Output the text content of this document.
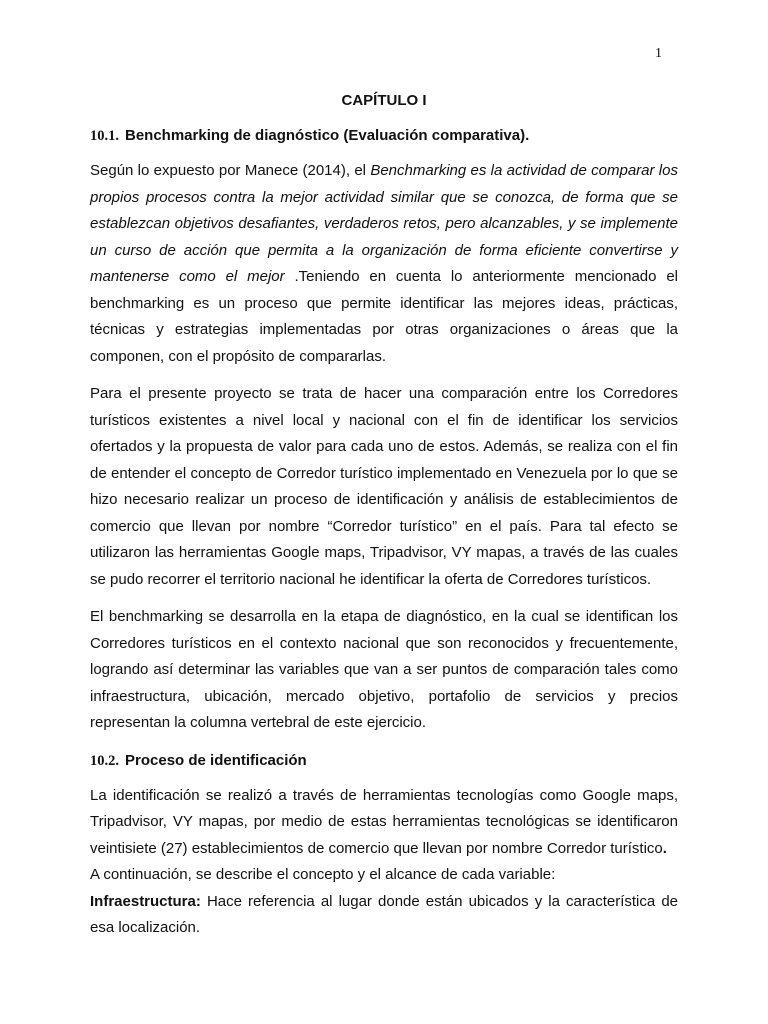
1
CAPÍTULO I
10.1. Benchmarking de diagnóstico (Evaluación comparativa).

Según lo expuesto por Manece (2014), el Benchmarking es la actividad de comparar los propios procesos contra la mejor actividad similar que se conozca, de forma que se establezcan objetivos desafiantes, verdaderos retos, pero alcanzables, y se implemente un curso de acción que permita a la organización de forma eficiente convertirse y mantenerse como el mejor .Teniendo en cuenta lo anteriormente mencionado el benchmarking es un proceso que permite identificar las mejores ideas, prácticas, técnicas y estrategias implementadas por otras organizaciones o áreas que la componen, con el propósito de compararlas.

Para el presente proyecto se trata de hacer una comparación entre los Corredores turísticos existentes a nivel local y nacional con el fin de identificar los servicios ofertados y la propuesta de valor para cada uno de estos. Además, se realiza con el fin de entender el concepto de Corredor turístico implementado en Venezuela por lo que se hizo necesario realizar un proceso de identificación y análisis de establecimientos de comercio que llevan por nombre “Corredor turístico” en el país. Para tal efecto se utilizaron las herramientas Google maps, Tripadvisor, VY mapas, a través de las cuales se pudo recorrer el territorio nacional he identificar la oferta de Corredores turísticos.

El benchmarking se desarrolla en la etapa de diagnóstico, en la cual se identifican los Corredores turísticos en el contexto nacional que son reconocidos y frecuentemente, logrando así determinar las variables que van a ser puntos de comparación tales como infraestructura, ubicación, mercado objetivo, portafolio de servicios y precios representan la columna vertebral de este ejercicio.

10.2. Proceso de identificación

La identificación se realizó a través de herramientas tecnologías como Google maps, Tripadvisor, VY mapas, por medio de estas herramientas tecnológicas se identificaron veintisiete (27) establecimientos de comercio que llevan por nombre Corredor turístico.

A continuación, se describe el concepto y el alcance de cada variable:

Infraestructura: Hace referencia al lugar donde están ubicados y la característica de esa localización.
